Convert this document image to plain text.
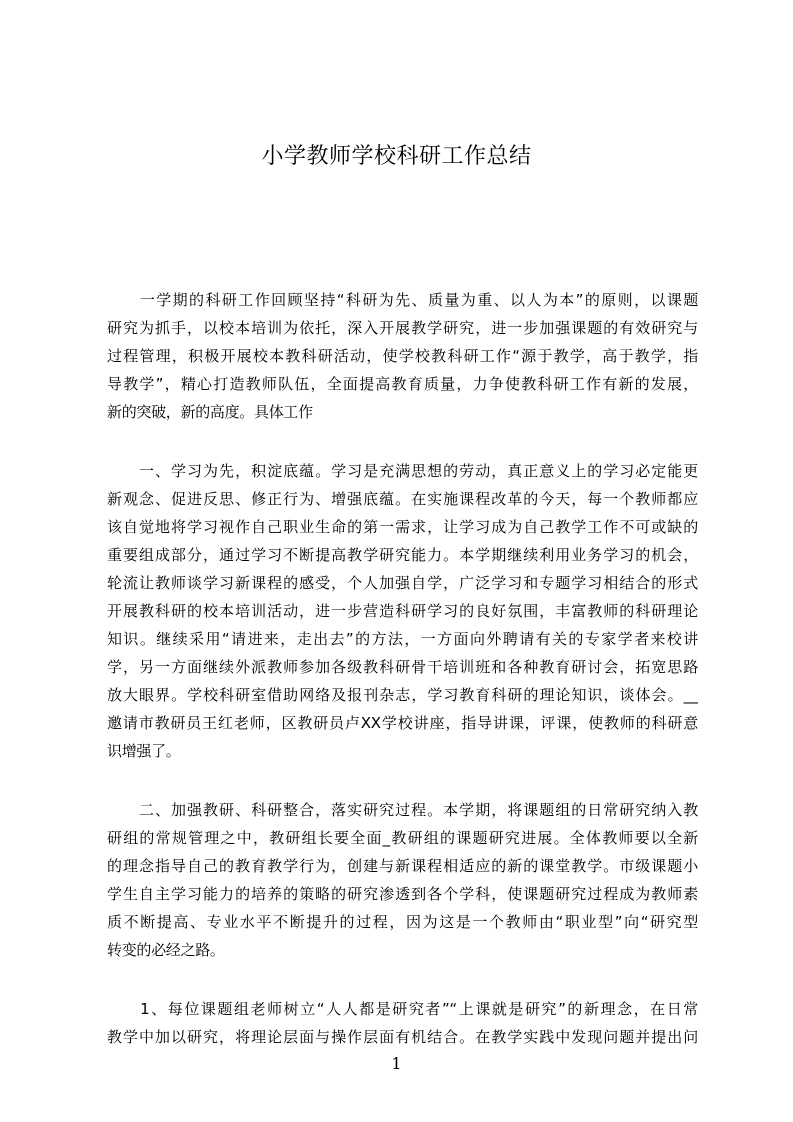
小学教师学校科研工作总结

　　一学期的科研工作回顾坚持“科研为先、质量为重、以人为本”的原则，以课题
研究为抓手，以校本培训为依托，深入开展教学研究，进一步加强课题的有效研究与
过程管理，积极开展校本教科研活动，使学校教科研工作“源于教学，高于教学，指
导教学”，精心打造教师队伍，全面提高教育质量，力争使教科研工作有新的发展，
新的突破，新的高度。具体工作

　　一、学习为先，积淀底蕴。学习是充满思想的劳动，真正意义上的学习必定能更
新观念、促进反思、修正行为、增强底蕴。在实施课程改革的今天，每一个教师都应
该自觉地将学习视作自己职业生命的第一需求，让学习成为自己教学工作不可或缺的
重要组成部分，通过学习不断提高教学研究能力。本学期继续利用业务学习的机会，
轮流让教师谈学习新课程的感受，个人加强自学，广泛学习和专题学习相结合的形式
开展教科研的校本培训活动，进一步营造科研学习的良好氛围，丰富教师的科研理论
知识。继续采用“请进来，走出去”的方法，一方面向外聘请有关的专家学者来校讲
学，另一方面继续外派教师参加各级教科研骨干培训班和各种教育研讨会，拓宽思路
放大眼界。学校科研室借助网络及报刊杂志，学习教育科研的理论知识，谈体会。__
邀请市教研员王红老师，区教研员卢XX学校讲座，指导讲课，评课，使教师的科研意
识增强了。

　　二、加强教研、科研整合，落实研究过程。本学期，将课题组的日常研究纳入教
研组的常规管理之中，教研组长要全面_教研组的课题研究进展。全体教师要以全新
的理念指导自己的教育教学行为，创建与新课程相适应的新的课堂教学。市级课题小
学生自主学习能力的培养的策略的研究渗透到各个学科，使课题研究过程成为教师素
质不断提高、专业水平不断提升的过程，因为这是一个教师由“职业型”向“研究型
转变的必经之路。

　　1、每位课题组老师树立“人人都是研究者”“上课就是研究”的新理念，在日常
教学中加以研究，将理论层面与操作层面有机结合。在教学实践中发现问题并提出问

1
